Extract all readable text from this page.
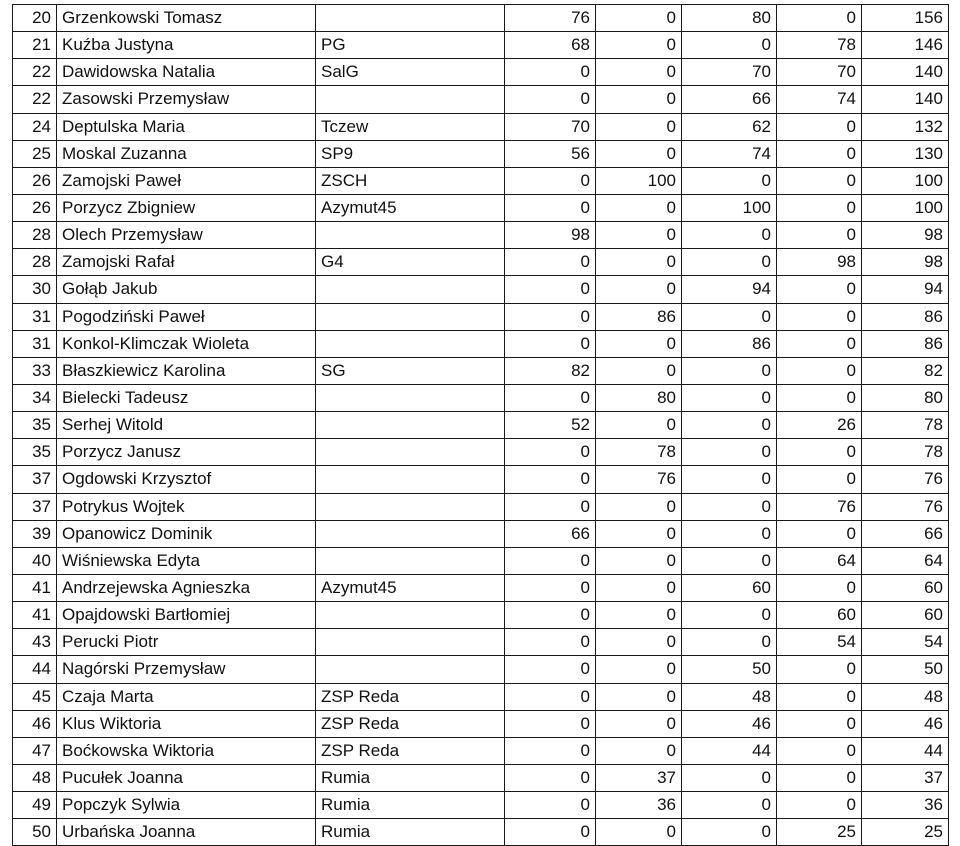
20	Grzenkowski Tomasz		76	0	80	0	156
21	Kuźba Justyna	PG	68	0	0	78	146
22	Dawidowska Natalia	SalG	0	0	70	70	140
22	Zasowski Przemysław		0	0	66	74	140
24	Deptulska Maria	Tczew	70	0	62	0	132
25	Moskal Zuzanna	SP9	56	0	74	0	130
26	Zamojski Paweł	ZSCH	0	100	0	0	100
26	Porzycz Zbigniew	Azymut45	0	0	100	0	100
28	Olech Przemysław		98	0	0	0	98
28	Zamojski Rafał	G4	0	0	0	98	98
30	Gołąb Jakub		0	0	94	0	94
31	Pogodziński Paweł		0	86	0	0	86
31	Konkol-Klimczak Wioleta		0	0	86	0	86
33	Błaszkiewicz Karolina	SG	82	0	0	0	82
34	Bielecki Tadeusz		0	80	0	0	80
35	Serhej Witold		52	0	0	26	78
35	Porzycz Janusz		0	78	0	0	78
37	Ogdowski Krzysztof		0	76	0	0	76
37	Potrykus Wojtek		0	0	0	76	76
39	Opanowicz Dominik		66	0	0	0	66
40	Wiśniewska Edyta		0	0	0	64	64
41	Andrzejewska Agnieszka	Azymut45	0	0	60	0	60
41	Opajdowski Bartłomiej		0	0	0	60	60
43	Perucki Piotr		0	0	0	54	54
44	Nagórski Przemysław		0	0	50	0	50
45	Czaja Marta	ZSP Reda	0	0	48	0	48
46	Klus Wiktoria	ZSP Reda	0	0	46	0	46
47	Boćkowska Wiktoria	ZSP Reda	0	0	44	0	44
48	Pucułek Joanna	Rumia	0	37	0	0	37
49	Popczyk Sylwia	Rumia	0	36	0	0	36
50	Urbańska Joanna	Rumia	0	0	0	25	25
